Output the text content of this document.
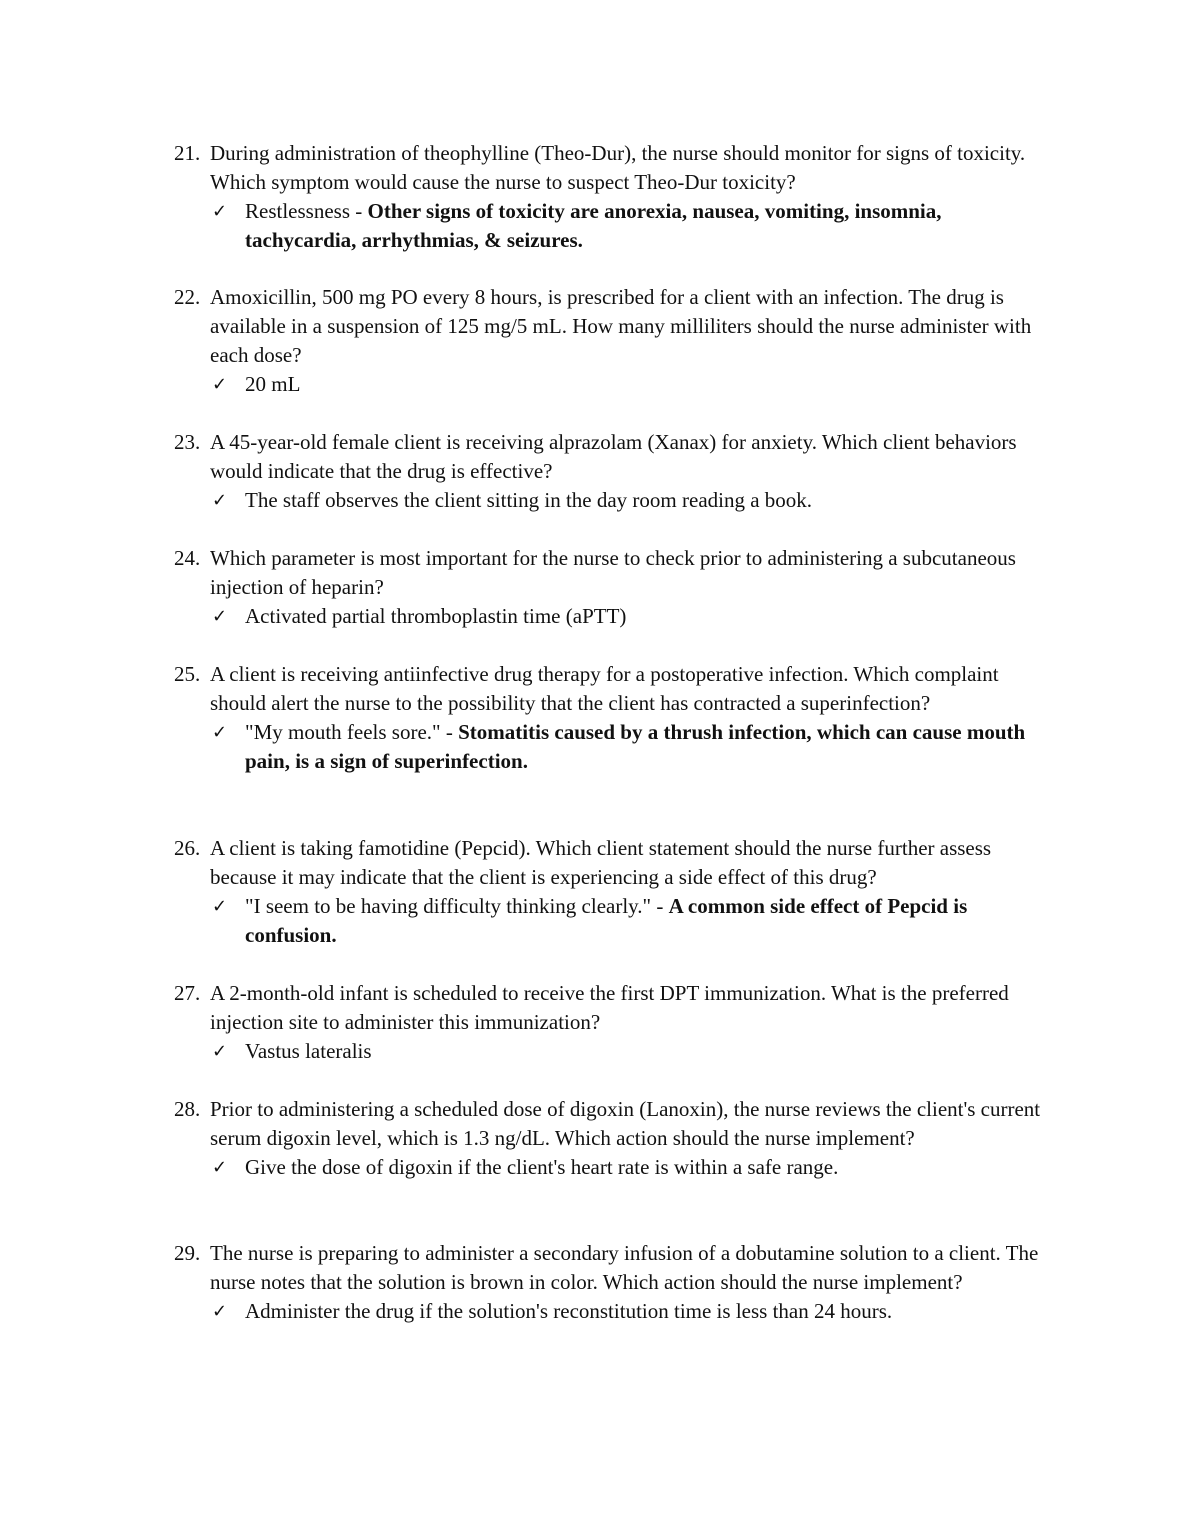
21. During administration of theophylline (Theo-Dur), the nurse should monitor for signs of toxicity. Which symptom would cause the nurse to suspect Theo-Dur toxicity?
✓ Restlessness - Other signs of toxicity are anorexia, nausea, vomiting, insomnia, tachycardia, arrhythmias, & seizures.
22. Amoxicillin, 500 mg PO every 8 hours, is prescribed for a client with an infection. The drug is available in a suspension of 125 mg/5 mL. How many milliliters should the nurse administer with each dose?
✓ 20 mL
23. A 45-year-old female client is receiving alprazolam (Xanax) for anxiety. Which client behaviors would indicate that the drug is effective?
✓ The staff observes the client sitting in the day room reading a book.
24. Which parameter is most important for the nurse to check prior to administering a subcutaneous injection of heparin?
✓ Activated partial thromboplastin time (aPTT)
25. A client is receiving antiinfective drug therapy for a postoperative infection. Which complaint should alert the nurse to the possibility that the client has contracted a superinfection?
✓ "My mouth feels sore." - Stomatitis caused by a thrush infection, which can cause mouth pain, is a sign of superinfection.
26. A client is taking famotidine (Pepcid). Which client statement should the nurse further assess because it may indicate that the client is experiencing a side effect of this drug?
✓ "I seem to be having difficulty thinking clearly." - A common side effect of Pepcid is confusion.
27. A 2-month-old infant is scheduled to receive the first DPT immunization. What is the preferred injection site to administer this immunization?
✓ Vastus lateralis
28. Prior to administering a scheduled dose of digoxin (Lanoxin), the nurse reviews the client's current serum digoxin level, which is 1.3 ng/dL. Which action should the nurse implement?
✓ Give the dose of digoxin if the client's heart rate is within a safe range.
29. The nurse is preparing to administer a secondary infusion of a dobutamine solution to a client. The nurse notes that the solution is brown in color. Which action should the nurse implement?
✓ Administer the drug if the solution's reconstitution time is less than 24 hours.
